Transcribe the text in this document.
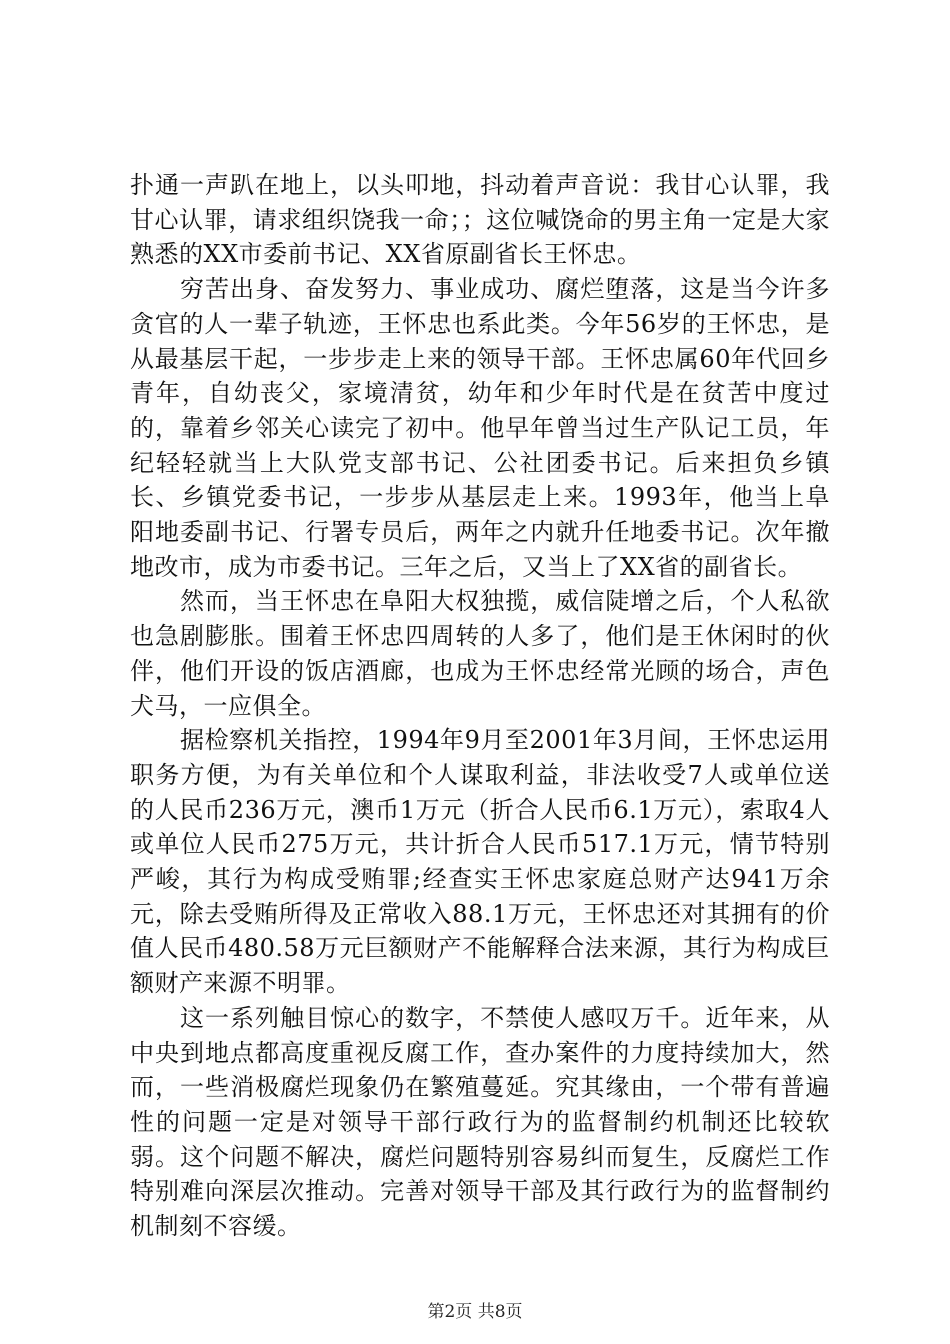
扑通一声趴在地上，以头叩地，抖动着声音说：我甘心认罪，我甘心认罪，请求组织饶我一命；；这位喊饶命的男主角一定是大家熟悉的XX市委前书记、XX省原副省长王怀忠。

穷苦出身、奋发努力、事业成功、腐烂堕落，这是当今许多贪官的人一辈子轨迹，王怀忠也系此类。今年56岁的王怀忠，是从最基层干起，一步步走上来的领导干部。王怀忠属60年代回乡青年，自幼丧父，家境清贫，幼年和少年时代是在贫苦中度过的，靠着乡邻关心读完了初中。他早年曾当过生产队记工员，年纪轻轻就当上大队党支部书记、公社团委书记。后来担负乡镇长、乡镇党委书记，一步步从基层走上来。1993年，他当上阜阳地委副书记、行署专员后，两年之内就升任地委书记。次年撤地改市，成为市委书记。三年之后，又当上了XX省的副省长。

然而，当王怀忠在阜阳大权独揽，威信陡增之后，个人私欲也急剧膨胀。围着王怀忠四周转的人多了，他们是王休闲时的伙伴，他们开设的饭店酒廊，也成为王怀忠经常光顾的场合，声色犬马，一应俱全。

据检察机关指控，1994年9月至2001年3月间，王怀忠运用职务方便，为有关单位和个人谋取利益，非法收受7人或单位送的人民币236万元，澳币1万元（折合人民币6.1万元），索取4人或单位人民币275万元，共计折合人民币517.1万元，情节特别严峻，其行为构成受贿罪;经查实王怀忠家庭总财产达941万余元，除去受贿所得及正常收入88.1万元，王怀忠还对其拥有的价值人民币480.58万元巨额财产不能解释合法来源，其行为构成巨额财产来源不明罪。

这一系列触目惊心的数字，不禁使人感叹万千。近年来，从中央到地点都高度重视反腐工作，查办案件的力度持续加大，然而，一些消极腐烂现象仍在繁殖蔓延。究其缘由，一个带有普遍性的问题一定是对领导干部行政行为的监督制约机制还比较软弱。这个问题不解决，腐烂问题特别容易纠而复生，反腐烂工作特别难向深层次推动。完善对领导干部及其行政行为的监督制约机制刻不容缓。

第2页 共8页
